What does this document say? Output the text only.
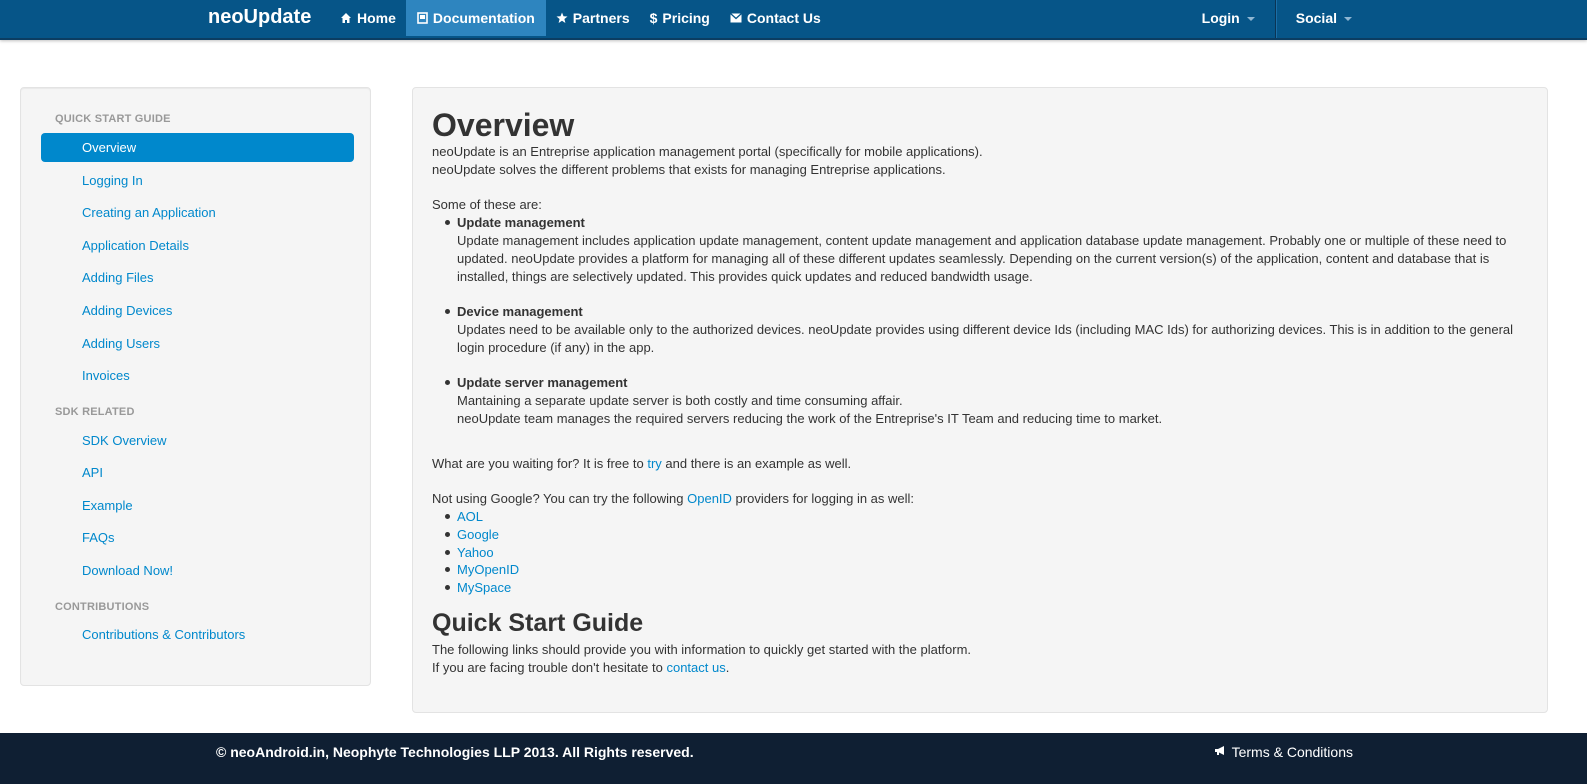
neoUpdate	Home	Documentation	Partners $ Pricing	Contact Us	Login	Social
QUICK START GUIDE
Overview
Logging In
Creating an Application
Application Details
Adding Files
Adding Devices
Adding Users
Invoices
SDK RELATED
SDK Overview
API
Example
FAQs
Download Now!
CONTRIBUTIONS
Contributions & Contributors
Overview
neoUpdate is an Entreprise application management portal (specifically for mobile applications).
neoUpdate solves the different problems that exists for managing Entreprise applications.
Some of these are:
Update management
Update management includes application update management, content update management and application database update management. Probably one or multiple of these need to updated. neoUpdate provides a platform for managing all of these different updates seamlessly. Depending on the current version(s) of the application, content and database that is installed, things are selectively updated. This provides quick updates and reduced bandwidth usage.
Device management
Updates need to be available only to the authorized devices. neoUpdate provides using different device Ids (including MAC Ids) for authorizing devices. This is in addition to the general login procedure (if any) in the app.
Update server management
Mantaining a separate update server is both costly and time consuming affair.
neoUpdate team manages the required servers reducing the work of the Entreprise's IT Team and reducing time to market.
What are you waiting for? It is free to try and there is an example as well.
Not using Google? You can try the following OpenID providers for logging in as well:
AOL
Google
Yahoo
MyOpenID
MySpace
Quick Start Guide
The following links should provide you with information to quickly get started with the platform.
If you are facing trouble don't hesitate to contact us.
© neoAndroid.in, Neophyte Technologies LLP 2013. All Rights reserved.	Terms & Conditions
